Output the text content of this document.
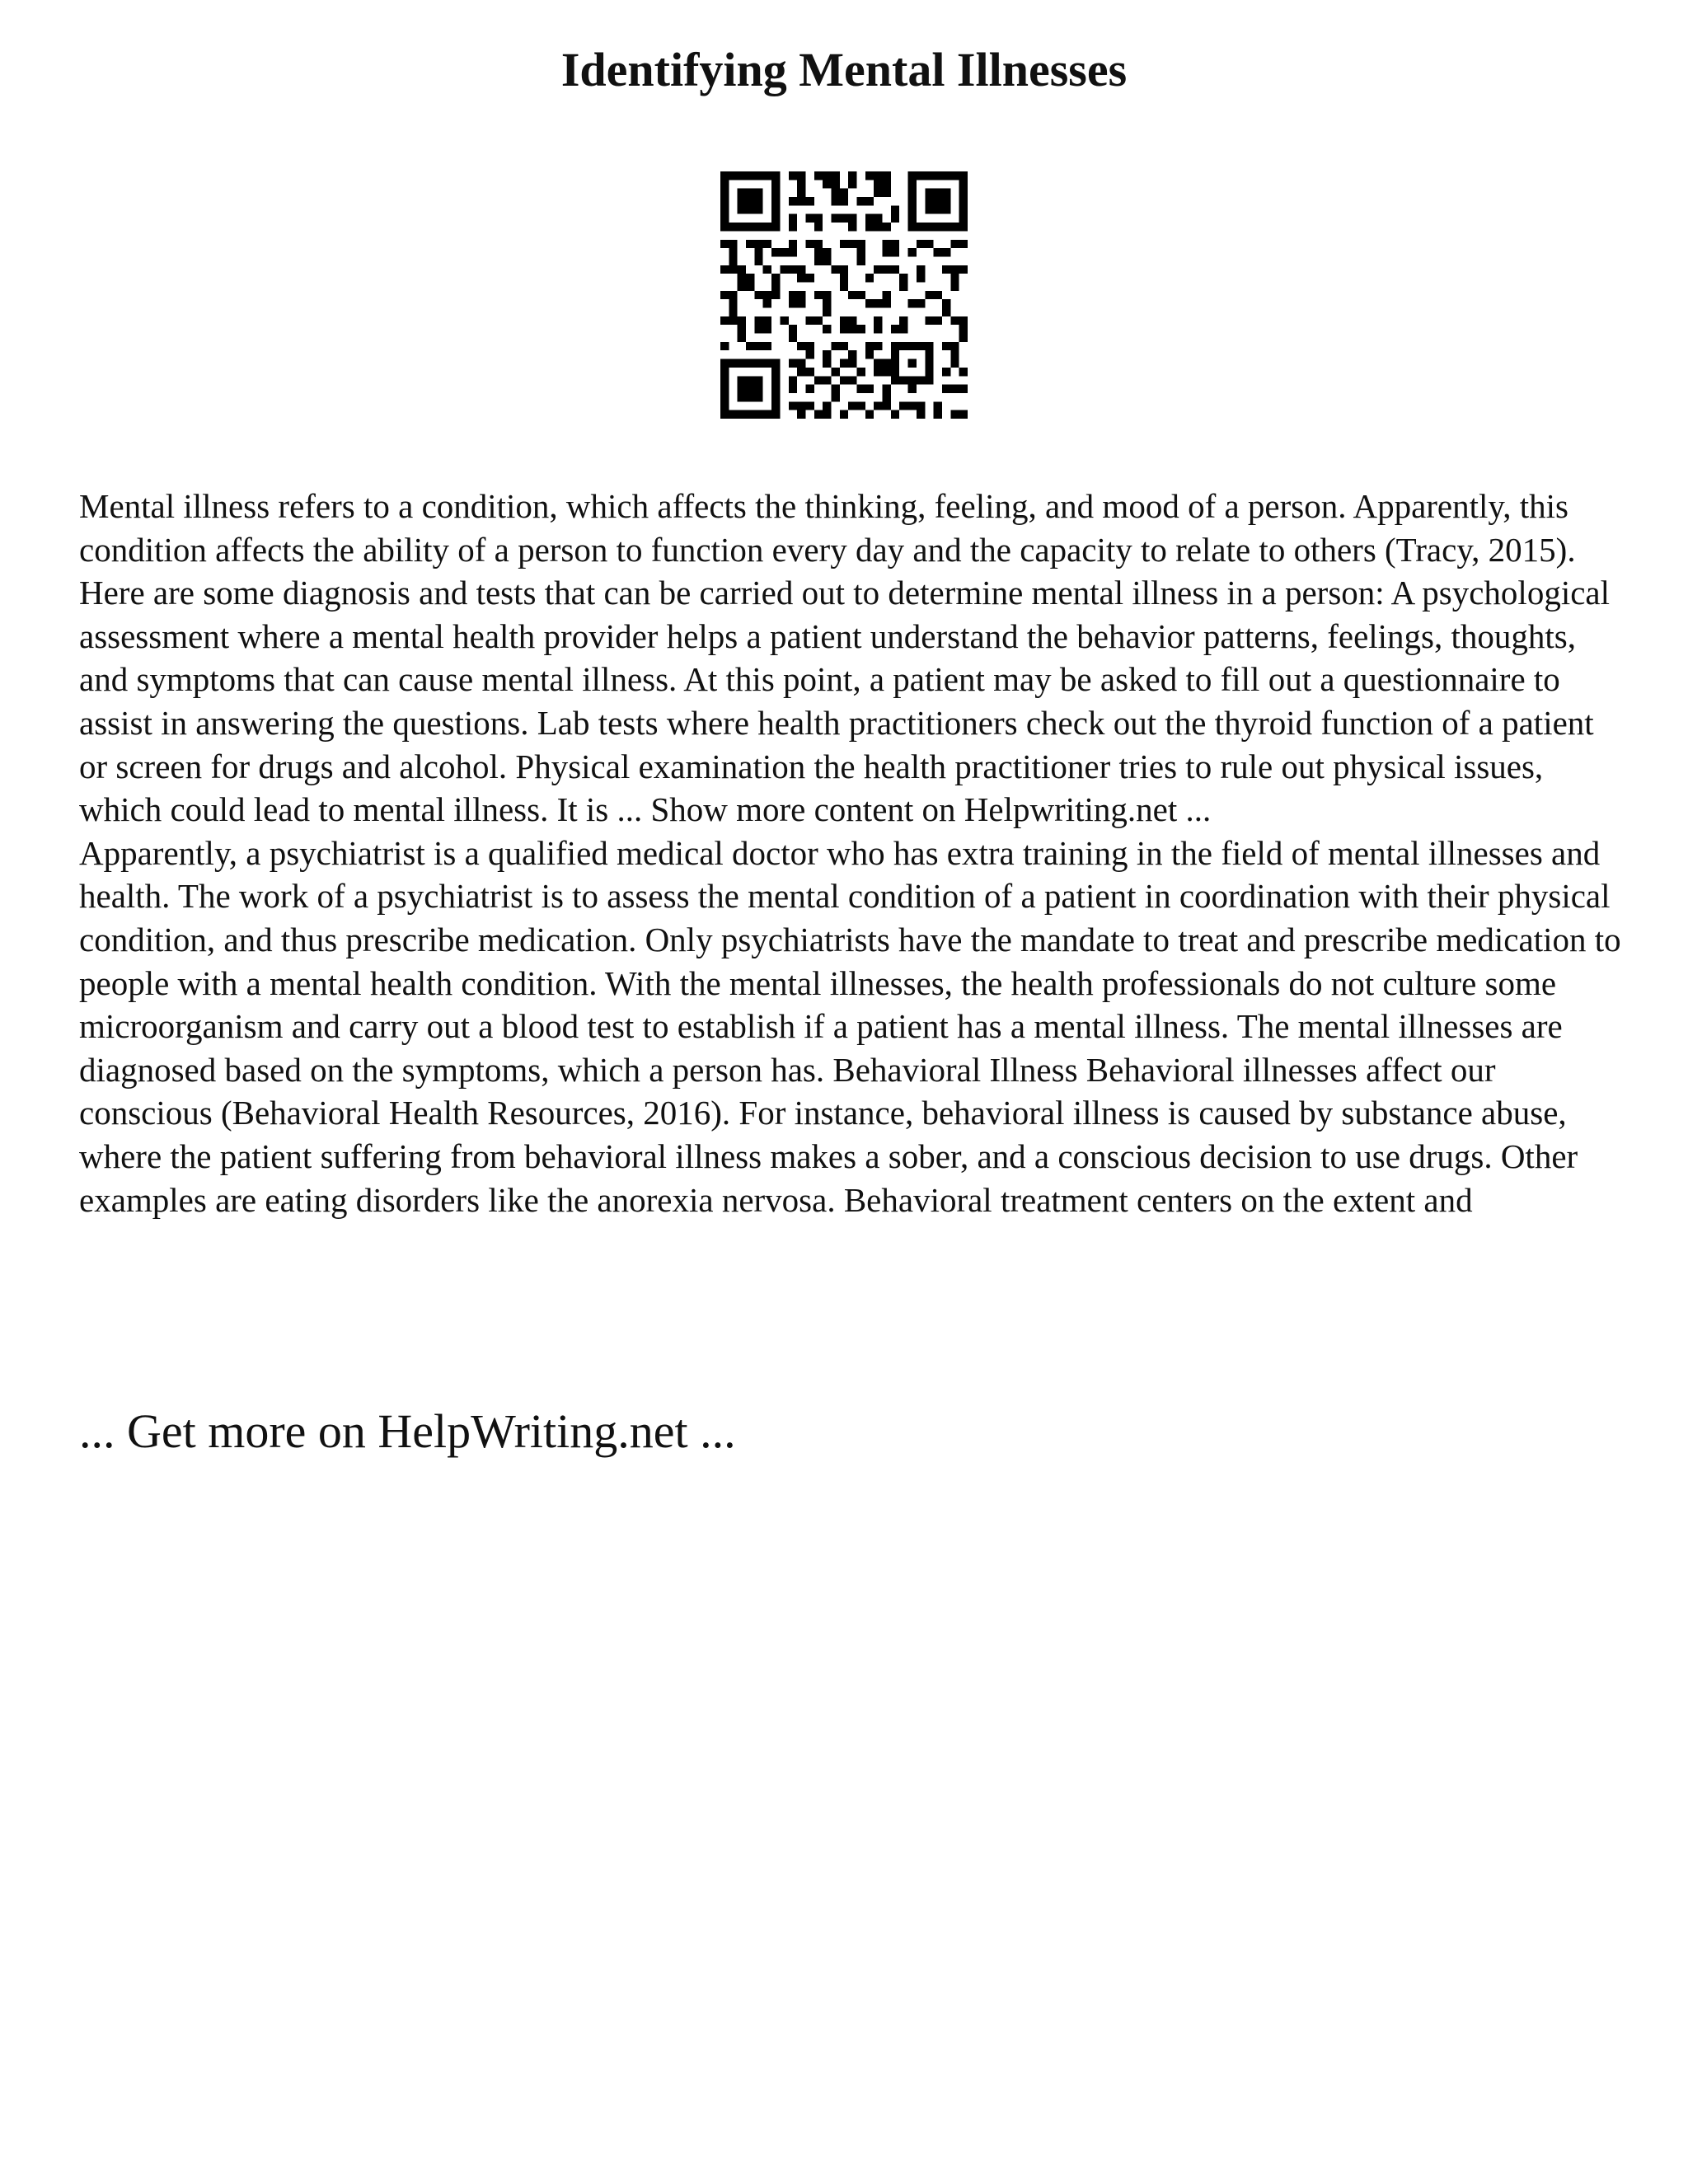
Identifying Mental Illnesses

Mental illness refers to a condition, which affects the thinking, feeling, and mood of a person. Apparently, this condition affects the ability of a person to function every day and the capacity to relate to others (Tracy, 2015). Here are some diagnosis and tests that can be carried out to determine mental illness in a person: A psychological assessment where a mental health provider helps a patient understand the behavior patterns, feelings, thoughts, and symptoms that can cause mental illness. At this point, a patient may be asked to fill out a questionnaire to assist in answering the questions. Lab tests where health practitioners check out the thyroid function of a patient or screen for drugs and alcohol. Physical examination the health practitioner tries to rule out physical issues, which could lead to mental illness. It is ... Show more content on Helpwriting.net ...

Apparently, a psychiatrist is a qualified medical doctor who has extra training in the field of mental illnesses and health. The work of a psychiatrist is to assess the mental condition of a patient in coordination with their physical condition, and thus prescribe medication. Only psychiatrists have the mandate to treat and prescribe medication to people with a mental health condition. With the mental illnesses, the health professionals do not culture some microorganism and carry out a blood test to establish if a patient has a mental illness. The mental illnesses are diagnosed based on the symptoms, which a person has. Behavioral Illness Behavioral illnesses affect our conscious (Behavioral Health Resources, 2016). For instance, behavioral illness is caused by substance abuse, where the patient suffering from behavioral illness makes a sober, and a conscious decision to use drugs. Other examples are eating disorders like the anorexia nervosa. Behavioral treatment centers on the extent and

... Get more on HelpWriting.net ...
